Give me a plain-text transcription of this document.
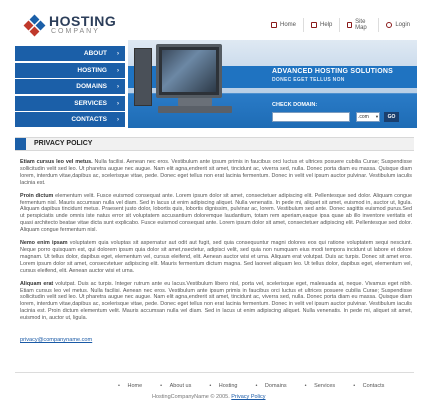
HOSTING
COMPANY
Home	Help	Site Map	Login
ABOUT ›
HOSTING ›
DOMAINS ›
SERVICES ›
CONTACTS ›
ADVANCED HOSTING SOLUTIONS
DONEC EGET TELLUS NON
CHECK DOMAIN:
.com ▼	GO
PRIVACY POLICY

Etiam cursus leo vel metus. Nulla facilisi. Aenean nec eros. Vestibulum ante ipsum primis in faucibus orci luctus et ultrices posuere cubilia Curae; Suspendisse sollicitudin velit sed leo. Ut pharetra augue nec augue. Nam elit agna,endrerit sit amet, tincidunt ac, viverra sed, nulla. Donec porta diam eu massa. Quisque diam lorem, interdum vitae,dapibus ac, scelerisque vitae, pede. Donec eget tellus non erat lacinia fermentum. Donec in velit vel ipsum auctor pulvinar. Vestibulum iaculis lacinia est.

Proin dictum elementum velit. Fusce euismod consequat ante. Lorem ipsum dolor sit amet, consectetuer adipiscing elit. Pellentesque sed dolor. Aliquam congue fermentum nisl. Mauris accumsan nulla vel diam. Sed in lacus ut enim adipiscing aliquet. Nulla venenatis. In pede mi, aliquet sit amet, euismod in, auctor ut, ligula. Aliquam dapibus tincidunt metus. Praesent justo dolor, lobortis quis, lobortis dignissim, pulvinar ac, lorem. Vestibulum sed ante. Donec sagittis euismod purus.Sed ut perspiciatis unde omnis iste natus error sit voluptatem accusantium doloremque laudantium, totam rem aperiam,eaque ipsa quae ab illo inventore veritatis et quasi architecto beatae vitae dicta sunt explicabo. Fusce euismod consequat ante. Lorem ipsum dolor sit amet, consectetuer adipiscing elit. Pellentesque sed dolor. Aliquam congue fermentum nisl.

Nemo enim ipsam voluptatem quia voluptas sit aspernatur aut odit aut fugit, sed quia consequuntur magni dolores eos qui ratione voluptatem sequi nesciunt. Neque porro quisquam est, qui dolorem ipsum quia dolor sit amet,nsectetur, adipisci velit, sed quia non numquam eius modi tempora incidunt ut labore et dolore magnam. Ut tellus dolor, dapibus eget, elementum vel, cursus eleifend, elit. Aenean auctor wisi et urna. Aliquam erat volutpat. Duis ac turpis. Donec sit amet eros. Lorem ipsum dolor sit amet, consecvtetuer adipiscing elit. Mauris fermentum dictum magna. Sed laoreet aliquam leo. Ut tellus dolor, dapibus eget, elementum vel, cursus eleifend, elit. Aenean auctor wisi et urna.

Aliquam erat volutpat. Duis ac turpis. Integer rutrum ante eu lacus.Vestibulum libero nisl, porta vel, scelerisque eget, malesuada at, neque. Vivamus eget nibh. Etiam cursus leo vel metus. Nulla facilisi. Aenean nec eros. Vestibulum ante ipsum primis in faucibus orci luctus et ultrices posuere cubilia Curae; Suspendisse sollicitudin velit sed leo. Ut pharetra augue nec augue. Nam elit agna,endrerit sit amet, tincidunt ac, viverra sed, nulla. Donec porta diam eu massa. Quisque diam lorem, interdum vitae,dapibus ac, scelerisque vitae, pede. Donec eget tellus non erat lacinia fermentum. Donec in velit vel ipsum auctor pulvinar. Vestibulum iaculis lacinia est. Proin dictum elementum velit. Mauris accumsan nulla vel diam. Sed in lacus ut enim adipiscing aliquet. Nulla venenatis. In pede mi, aliquet sit amet, euismod in, auctor ut, ligula.

privacy@companyname.com
• Home	• About us	• Hosting	• Domains	• Services	• Contacts
HostingCompanyName © 2005. Privacy Policy
